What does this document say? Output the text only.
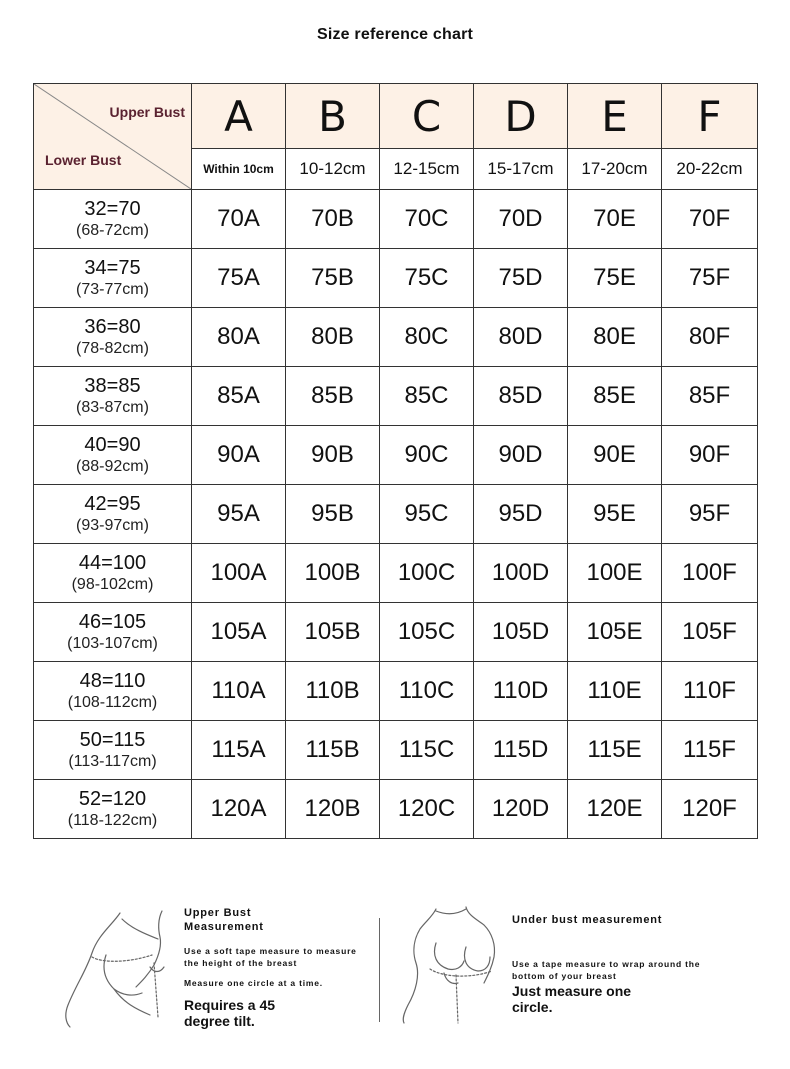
Size reference chart
Upper Bust
Lower Bust	A	B	C	D	E	F
	Within 10cm	10-12cm	12-15cm	15-17cm	17-20cm	20-22cm

32=70
(68-72cm)	70A	70B	70C	70D	70E	70F

34=75
(73-77cm)	75A	75B	75C	75D	75E	75F

36=80
(78-82cm)	80A	80B	80C	80D	80E	80F

38=85
(83-87cm)	85A	85B	85C	85D	85E	85F

40=90
(88-92cm)	90A	90B	90C	90D	90E	90F

42=95
(93-97cm)	95A	95B	95C	95D	95E	95F

44=100
(98-102cm)	100A	100B	100C	100D	100E	100F

46=105
(103-107cm)	105A	105B	105C	105D	105E	105F

48=110
(108-112cm)	110A	110B	110C	110D	110E	110F

50=115
(113-117cm)	115A	115B	115C	115D	115E	115F

52=120
(118-122cm)	120A	120B	120C	120D	120E	120F
Upper Bust
Measurement
Use a soft tape measure to measure
the height of the breast
Measure one circle at a time.
Requires a 45
degree tilt.
Under bust measurement
Use a tape measure to wrap around the
bottom of your breast
Just measure one
circle.
